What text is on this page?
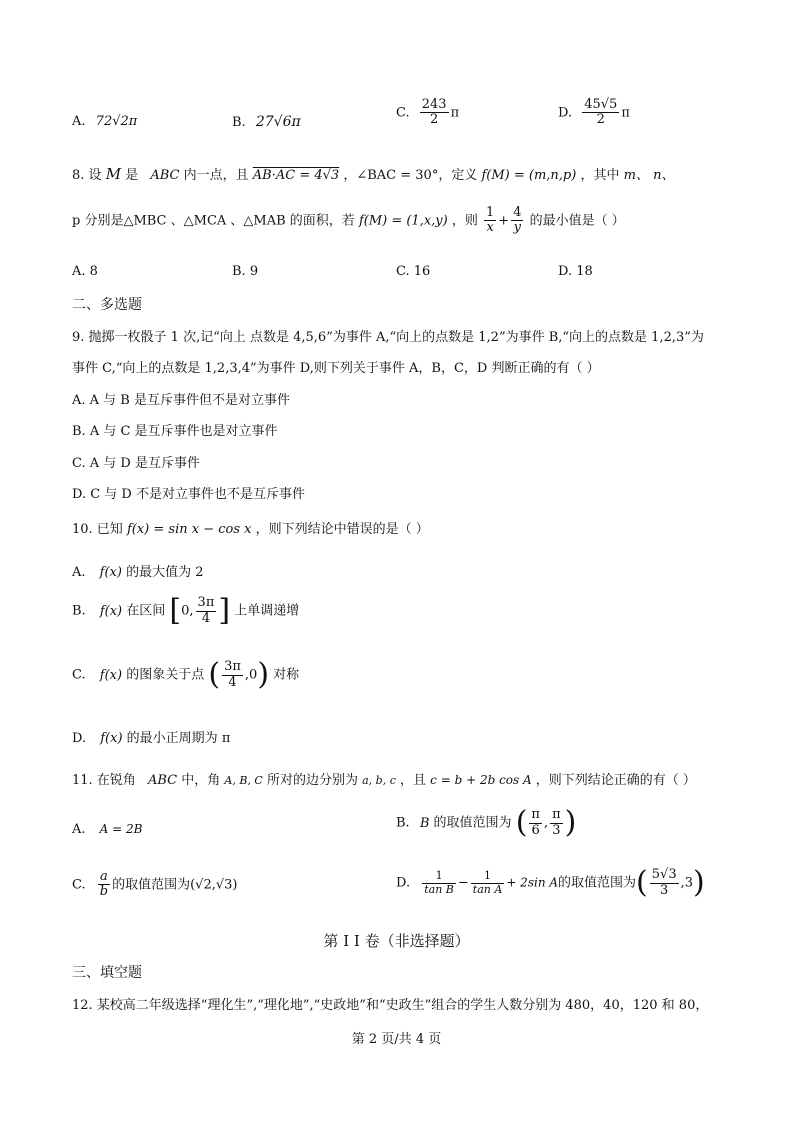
A. 72√2π	B. 27√6π
C. $\frac{243}{2}$ π	D. $\frac{45√5}{2}$ π
8. 设 M 是 ABC 内一点，且 AB·AC = 4√3 ，∠BAC = 30°，定义 f(M) = (m,n,p) ，其中 m、 n、
p 分别是△MBC 、△MCA 、△MAB 的面积，若 f(M) = (1,x,y) ，则 $\frac{1}{x} + \frac{4}{y}$ 的最小值是（ ）
A. 8	B. 9	C. 16	D. 18
二、多选题
9. 抛掷一枚骰子 1 次,记“向上 点数是 4,5,6”为事件 A,“向上的点数是 1,2”为事件 B,“向上的点数是 1,2,3”为
事件 C,“向上的点数是 1,2,3,4”为事件 D,则下列关于事件 A，B，C，D 判断正确的有（ ）
A. A 与 B 是互斥事件但不是对立事件
B. A 与 C 是互斥事件也是对立事件
C. A 与 D 是互斥事件
D. C 与 D 不是对立事件也不是互斥事件
10. 已知 f(x) = sin x − cos x ，则下列结论中错误的是（ ）
A. f(x) 的最大值为 2
B. f(x) 在区间 [0, $\frac{3\pi}{4}$ ] 上单调递增
C. f(x) 的图象关于点 ( $\frac{3\pi}{4} ,0$) 对称
D. f(x) 的最小正周期为 π
11. 在锐角 ABC 中，角 A, B, C 所对的边分别为 a, b, c ，且 c = b + 2b cos A ，则下列结论正确的有（ ）
A. A = 2B	B. B 的取值范围为 ( $\frac{\pi}{6}$ , $\frac{\pi}{3}$ )
C. $\frac{a}{b}$ 的取值范围为(√2,√3)	D. $\frac{1}{\text{tan B}} - \frac{1}{\text{tan A}} + 2\sin$ A的取值范围为( $\frac{5√3}{3} ,3$)
第 I I 卷（非选择题）
三、填空题
12. 某校高二年级选择“理化生”,“理化地”,“史政地”和“史政生”组合的学生人数分别为 480，40，120 和 80，
第 2 页/共 4 页
